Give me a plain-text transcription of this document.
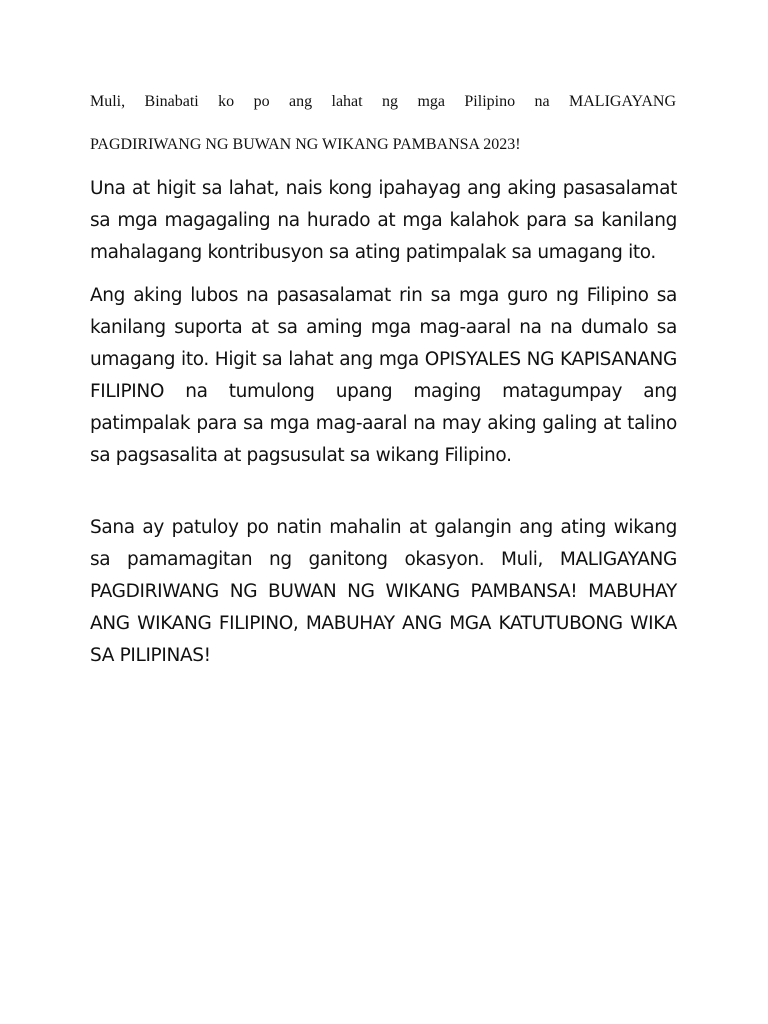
Muli, Binabati ko po ang lahat ng mga Pilipino na MALIGAYANG

PAGDIRIWANG NG BUWAN NG WIKANG PAMBANSA 2023!

Una at higit sa lahat, nais kong ipahayag ang aking pasasalamat sa mga magagaling na hurado at mga kalahok para sa kanilang mahalagang kontribusyon sa ating patimpalak sa umagang ito.

Ang aking lubos na pasasalamat rin sa mga guro ng Filipino sa kanilang suporta at sa aming mga mag-aaral na na dumalo sa umagang ito. Higit sa lahat ang mga OPISYALES NG KAPISANANG FILIPINO na tumulong upang maging matagumpay ang patimpalak para sa mga mag-aaral na may aking galing at talino sa pagsasalita at pagsusulat sa wikang Filipino.

Sana ay patuloy po natin mahalin at galangin ang ating wikang sa pamamagitan ng ganitong okasyon. Muli, MALIGAYANG PAGDIRIWANG NG BUWAN NG WIKANG PAMBANSA! MABUHAY ANG WIKANG FILIPINO, MABUHAY ANG MGA KATUTUBONG WIKA SA PILIPINAS!
